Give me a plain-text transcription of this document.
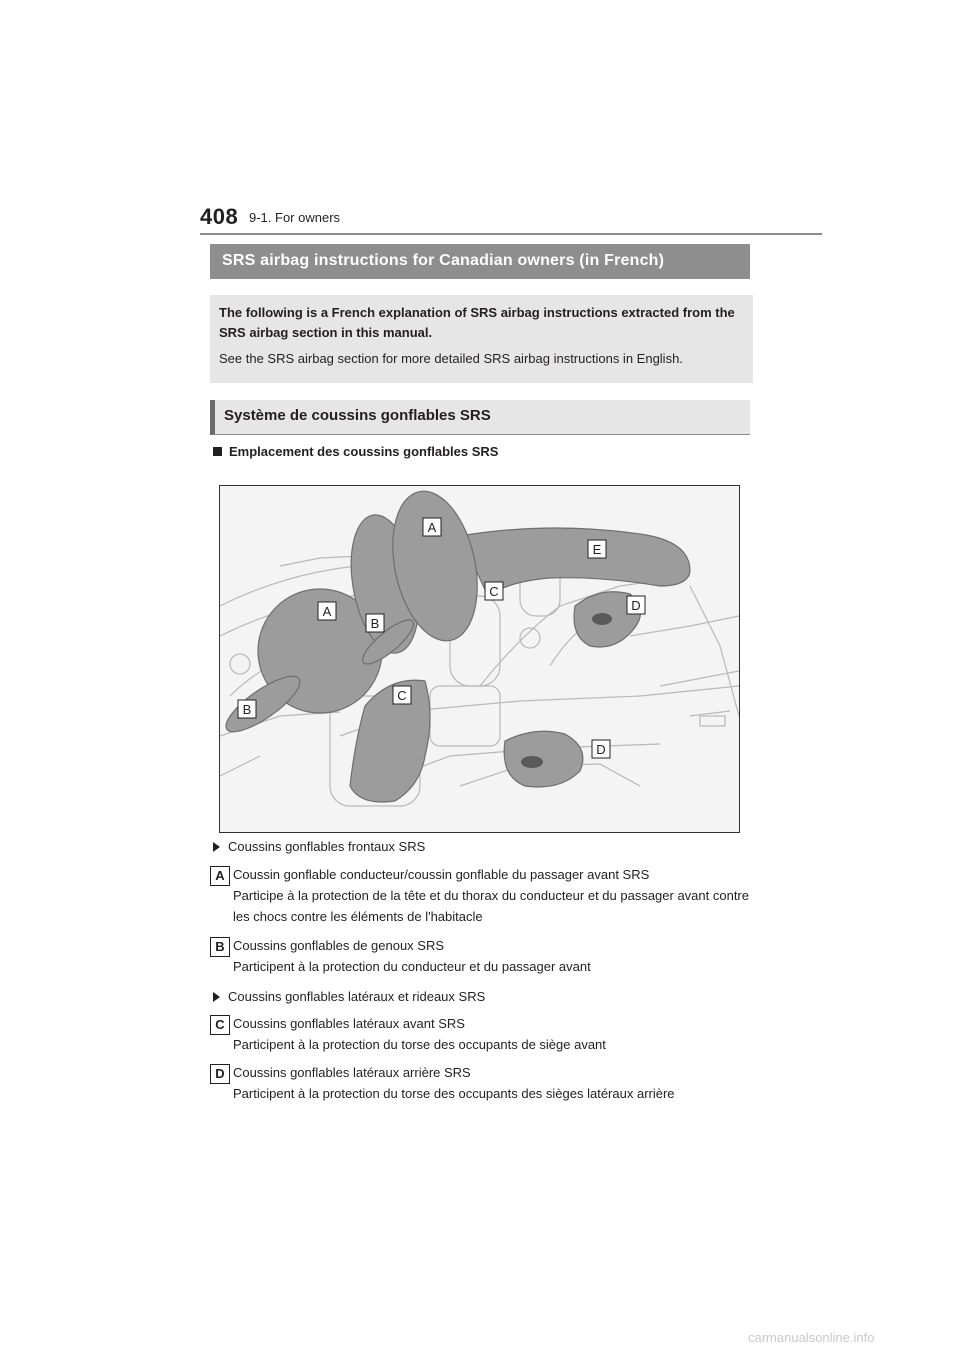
408 9-1. For owners
SRS airbag instructions for Canadian owners (in French)
The following is a French explanation of SRS airbag instructions extracted from the SRS airbag section in this manual.
See the SRS airbag section for more detailed SRS airbag instructions in English.
Système de coussins gonflables SRS
Emplacement des coussins gonflables SRS
A
A
B
B
C
C
D
D
E
Coussins gonflables frontaux SRS
A Coussin gonflable conducteur/coussin gonflable du passager avant SRS
Participe à la protection de la tête et du thorax du conducteur et du passager avant contre les chocs contre les éléments de l'habitacle
B Coussins gonflables de genoux SRS
Participent à la protection du conducteur et du passager avant
Coussins gonflables latéraux et rideaux SRS
C Coussins gonflables latéraux avant SRS
Participent à la protection du torse des occupants de siège avant
D Coussins gonflables latéraux arrière SRS
Participent à la protection du torse des occupants des sièges latéraux arrière
carmanualsonline.info
